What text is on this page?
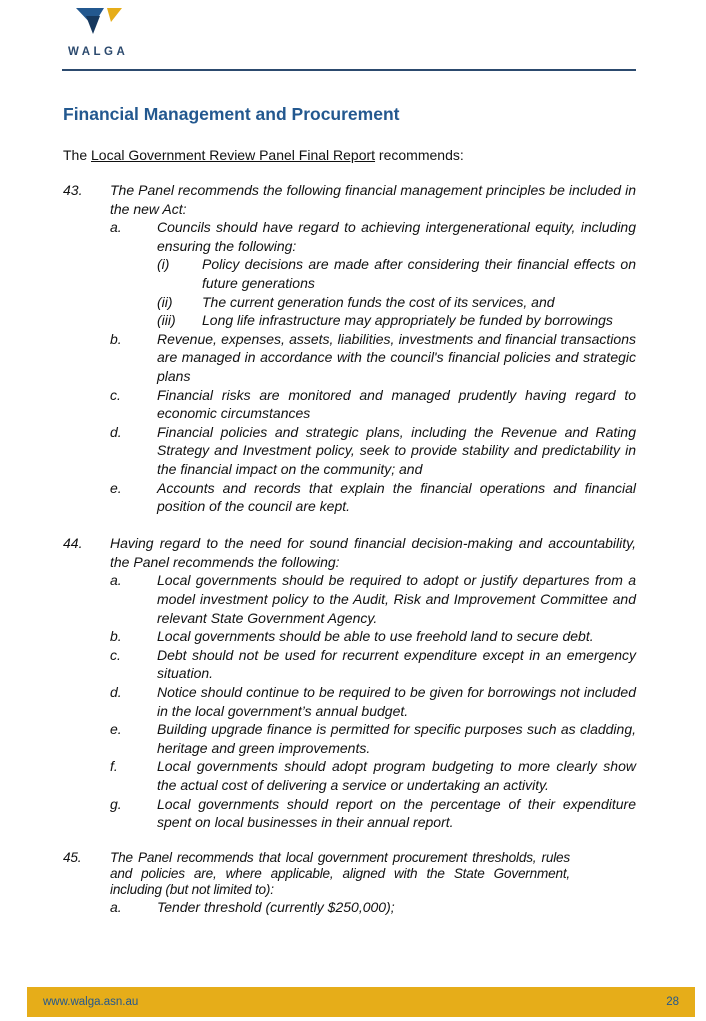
WALGA
Financial Management and Procurement
The Local Government Review Panel Final Report recommends:
43. The Panel recommends the following financial management principles be included in the new Act:
a.	Councils should have regard to achieving intergenerational equity, including ensuring the following:
(i) Policy decisions are made after considering their financial effects on future generations
(ii) The current generation funds the cost of its services, and
(iii) Long life infrastructure may appropriately be funded by borrowings
b.	Revenue, expenses, assets, liabilities, investments and financial transactions are managed in accordance with the council's financial policies and strategic plans
c.	Financial risks are monitored and managed prudently having regard to economic circumstances
d.	Financial policies and strategic plans, including the Revenue and Rating Strategy and Investment policy, seek to provide stability and predictability in the financial impact on the community; and
e.	Accounts and records that explain the financial operations and financial position of the council are kept.
44. Having regard to the need for sound financial decision-making and accountability, the Panel recommends the following:
a.	Local governments should be required to adopt or justify departures from a model investment policy to the Audit, Risk and Improvement Committee and relevant State Government Agency.
b.	Local governments should be able to use freehold land to secure debt.
c.	Debt should not be used for recurrent expenditure except in an emergency situation.
d.	Notice should continue to be required to be given for borrowings not included in the local government’s annual budget.
e.	Building upgrade finance is permitted for specific purposes such as cladding, heritage and green improvements.
f.	Local governments should adopt program budgeting to more clearly show the actual cost of delivering a service or undertaking an activity.
g.	Local governments should report on the percentage of their expenditure spent on local businesses in their annual report.
45. The Panel recommends that local government procurement thresholds, rules and policies are, where applicable, aligned with the State Government, including (but not limited to):
a.	Tender threshold (currently $250,000);
www.walga.asn.au	28
